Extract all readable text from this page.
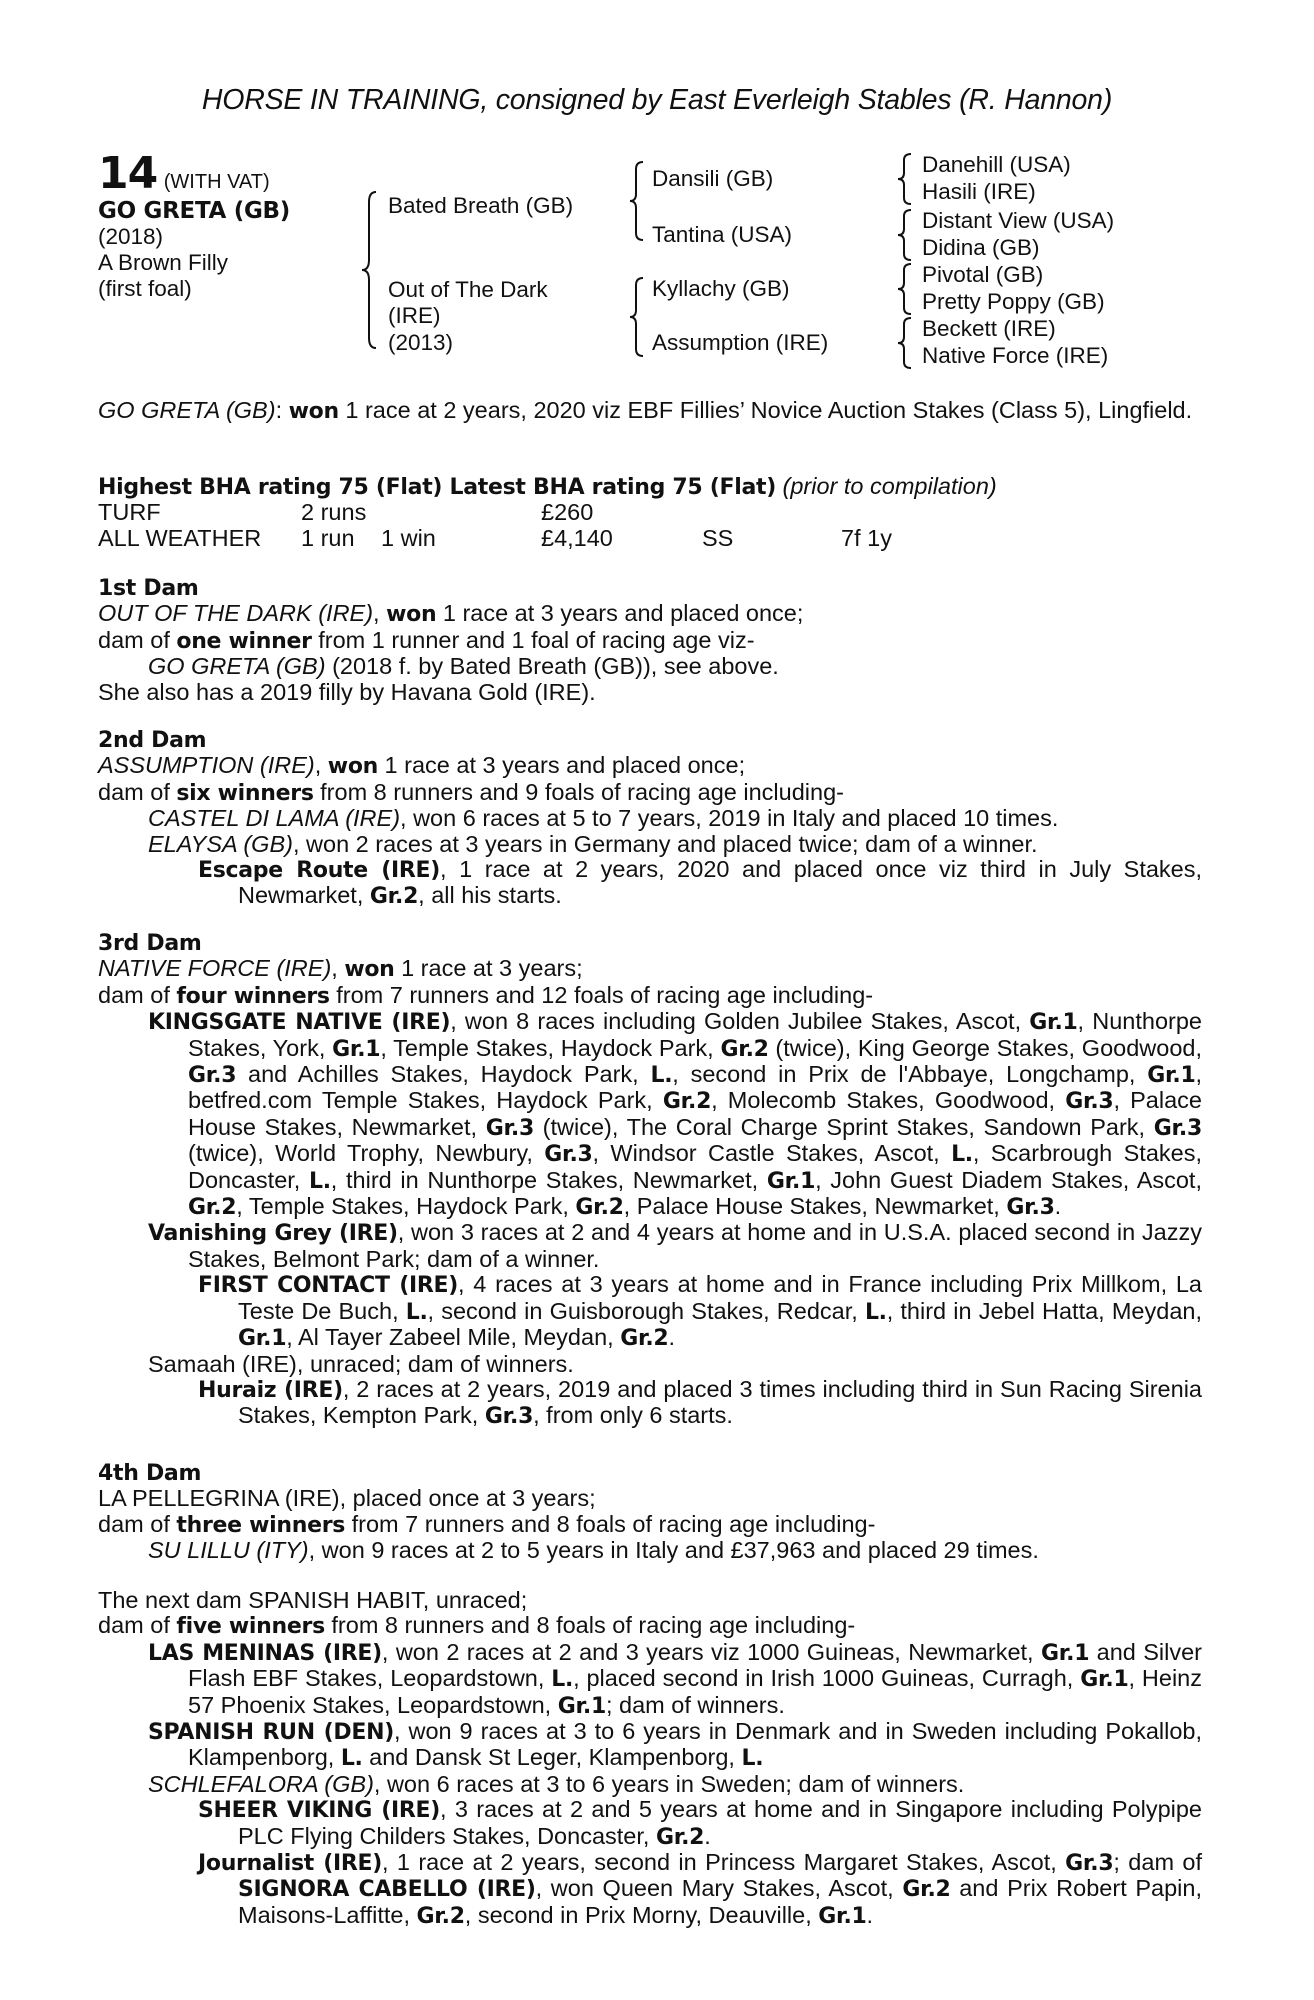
HORSE IN TRAINING, consigned by East Everleigh Stables (R. Hannon)
14 (WITH VAT)
GO GRETA (GB)
(2018)
A Brown Filly
(first foal)
Bated Breath (GB)
Out of The Dark
(IRE)
(2013)
Dansili (GB)
Tantina (USA)
Kyllachy (GB)
Assumption (IRE)
Danehill (USA)
Hasili (IRE)
Distant View (USA)
Didina (GB)
Pivotal (GB)
Pretty Poppy (GB)
Beckett (IRE)
Native Force (IRE)

GO GRETA (GB): won 1 race at 2 years, 2020 viz EBF Fillies’ Novice Auction Stakes (Class 5), Lingfield.

Highest BHA rating 75 (Flat) Latest BHA rating 75 (Flat) (prior to compilation)

TURF	2 runs	£260
ALL WEATHER 1 run 1 win	£4,140	SS	7f 1y

1st Dam

OUT OF THE DARK (IRE), won 1 race at 3 years and placed once;

dam of one winner from 1 runner and 1 foal of racing age viz-

GO GRETA (GB) (2018 f. by Bated Breath (GB)), see above.

She also has a 2019 filly by Havana Gold (IRE).

2nd Dam

ASSUMPTION (IRE), won 1 race at 3 years and placed once;

dam of six winners from 8 runners and 9 foals of racing age including-

CASTEL DI LAMA (IRE), won 6 races at 5 to 7 years, 2019 in Italy and placed 10 times.

ELAYSA (GB), won 2 races at 3 years in Germany and placed twice; dam of a winner.

Escape Route (IRE), 1 race at 2 years, 2020 and placed once viz third in July Stakes, Newmarket, Gr.2, all his starts.

3rd Dam

NATIVE FORCE (IRE), won 1 race at 3 years;

dam of four winners from 7 runners and 12 foals of racing age including-

KINGSGATE NATIVE (IRE), won 8 races including Golden Jubilee Stakes, Ascot, Gr.1, Nunthorpe Stakes, York, Gr.1, Temple Stakes, Haydock Park, Gr.2 (twice), King George Stakes, Goodwood, Gr.3 and Achilles Stakes, Haydock Park, L., second in Prix de l'Abbaye, Longchamp, Gr.1, betfred.com Temple Stakes, Haydock Park, Gr.2, Molecomb Stakes, Goodwood, Gr.3, Palace House Stakes, Newmarket, Gr.3 (twice), The Coral Charge Sprint Stakes, Sandown Park, Gr.3 (twice), World Trophy, Newbury, Gr.3, Windsor Castle Stakes, Ascot, L., Scarbrough Stakes, Doncaster, L., third in Nunthorpe Stakes, Newmarket, Gr.1, John Guest Diadem Stakes, Ascot, Gr.2, Temple Stakes, Haydock Park, Gr.2, Palace House Stakes, Newmarket, Gr.3.

Vanishing Grey (IRE), won 3 races at 2 and 4 years at home and in U.S.A. placed second in Jazzy Stakes, Belmont Park; dam of a winner.

FIRST CONTACT (IRE), 4 races at 3 years at home and in France including Prix Millkom, La Teste De Buch, L., second in Guisborough Stakes, Redcar, L., third in Jebel Hatta, Meydan, Gr.1, Al Tayer Zabeel Mile, Meydan, Gr.2.

Samaah (IRE), unraced; dam of winners.

Huraiz (IRE), 2 races at 2 years, 2019 and placed 3 times including third in Sun Racing Sirenia Stakes, Kempton Park, Gr.3, from only 6 starts.

4th Dam

LA PELLEGRINA (IRE), placed once at 3 years;

dam of three winners from 7 runners and 8 foals of racing age including-

SU LILLU (ITY), won 9 races at 2 to 5 years in Italy and £37,963 and placed 29 times.

The next dam SPANISH HABIT, unraced;

dam of five winners from 8 runners and 8 foals of racing age including-

LAS MENINAS (IRE), won 2 races at 2 and 3 years viz 1000 Guineas, Newmarket, Gr.1 and Silver Flash EBF Stakes, Leopardstown, L., placed second in Irish 1000 Guineas, Curragh, Gr.1, Heinz 57 Phoenix Stakes, Leopardstown, Gr.1; dam of winners.

SPANISH RUN (DEN), won 9 races at 3 to 6 years in Denmark and in Sweden including Pokallob, Klampenborg, L. and Dansk St Leger, Klampenborg, L.

SCHLEFALORA (GB), won 6 races at 3 to 6 years in Sweden; dam of winners.

SHEER VIKING (IRE), 3 races at 2 and 5 years at home and in Singapore including Polypipe PLC Flying Childers Stakes, Doncaster, Gr.2.

Journalist (IRE), 1 race at 2 years, second in Princess Margaret Stakes, Ascot, Gr.3; dam of SIGNORA CABELLO (IRE), won Queen Mary Stakes, Ascot, Gr.2 and Prix Robert Papin, Maisons-Laffitte, Gr.2, second in Prix Morny, Deauville, Gr.1.
